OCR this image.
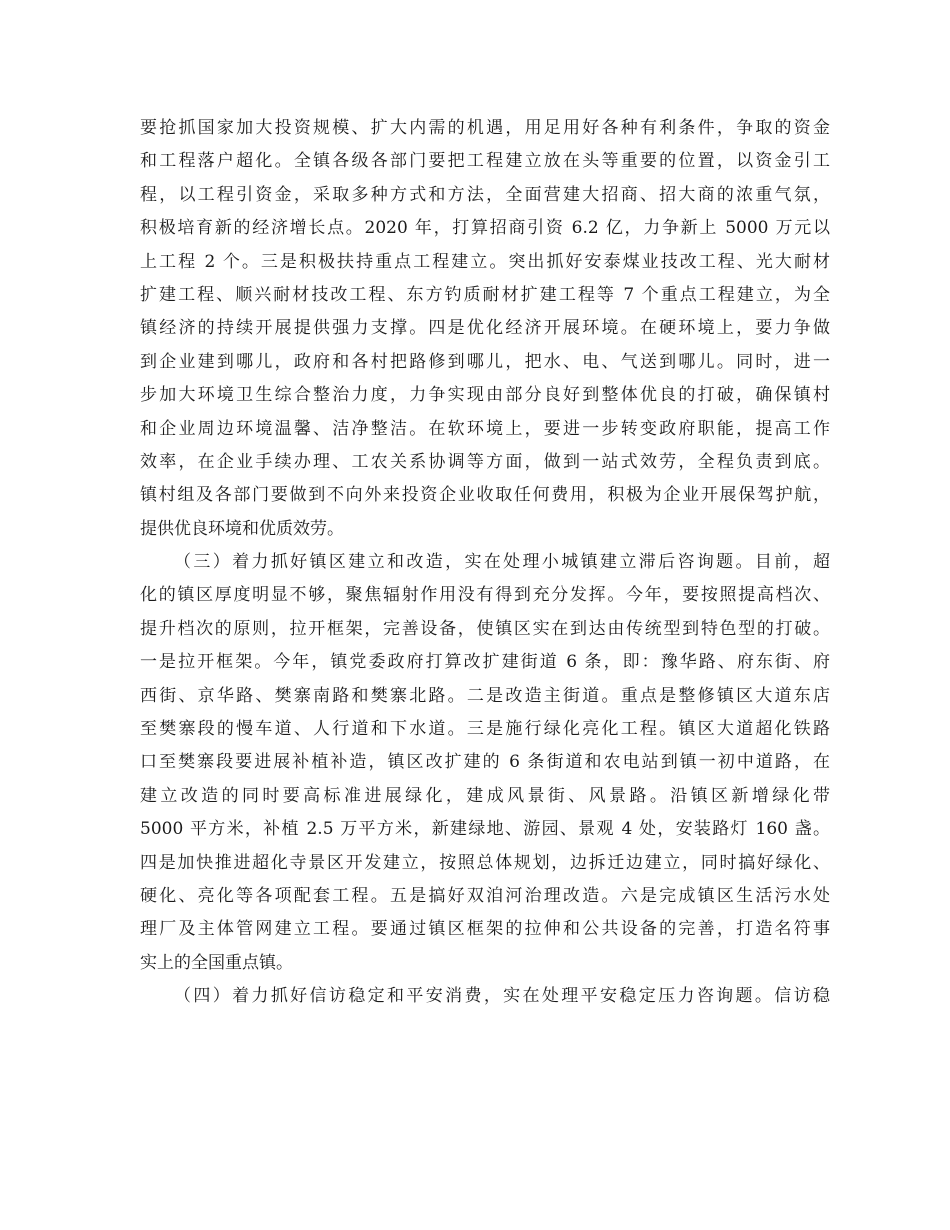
要抢抓国家加大投资规模、扩大内需的机遇，用足用好各种有利条件，争取的资金
和工程落户超化。全镇各级各部门要把工程建立放在头等重要的位置，以资金引工
程，以工程引资金，采取多种方式和方法，全面营建大招商、招大商的浓重气氛，
积极培育新的经济增长点。2020 年，打算招商引资 6.2 亿，力争新上 5000 万元以
上工程 2 个。三是积极扶持重点工程建立。突出抓好安泰煤业技改工程、光大耐材
扩建工程、顺兴耐材技改工程、东方钓质耐材扩建工程等 7 个重点工程建立，为全
镇经济的持续开展提供强力支撑。四是优化经济开展环境。在硬环境上，要力争做
到企业建到哪儿，政府和各村把路修到哪儿，把水、电、气送到哪儿。同时，进一
步加大环境卫生综合整治力度，力争实现由部分良好到整体优良的打破，确保镇村
和企业周边环境温馨、洁净整洁。在软环境上，要进一步转变政府职能，提高工作
效率，在企业手续办理、工农关系协调等方面，做到一站式效劳，全程负责到底。
镇村组及各部门要做到不向外来投资企业收取任何费用，积极为企业开展保驾护航，
提供优良环境和优质效劳。
（三）着力抓好镇区建立和改造，实在处理小城镇建立滞后咨询题。目前，超
化的镇区厚度明显不够，聚焦辐射作用没有得到充分发挥。今年，要按照提高档次、
提升档次的原则，拉开框架，完善设备，使镇区实在到达由传统型到特色型的打破。
一是拉开框架。今年，镇党委政府打算改扩建街道 6 条，即：豫华路、府东街、府
西街、京华路、樊寨南路和樊寨北路。二是改造主街道。重点是整修镇区大道东店
至樊寨段的慢车道、人行道和下水道。三是施行绿化亮化工程。镇区大道超化铁路
口至樊寨段要进展补植补造，镇区改扩建的 6 条街道和农电站到镇一初中道路，在
建立改造的同时要高标准进展绿化，建成风景街、风景路。沿镇区新增绿化带
5000 平方米，补植 2.5 万平方米，新建绿地、游园、景观 4 处，安装路灯 160 盏。
四是加快推进超化寺景区开发建立，按照总体规划，边拆迁边建立，同时搞好绿化、
硬化、亮化等各项配套工程。五是搞好双洎河治理改造。六是完成镇区生活污水处
理厂及主体管网建立工程。要通过镇区框架的拉伸和公共设备的完善，打造名符事
实上的全国重点镇。
（四）着力抓好信访稳定和平安消费，实在处理平安稳定压力咨询题。信访稳
